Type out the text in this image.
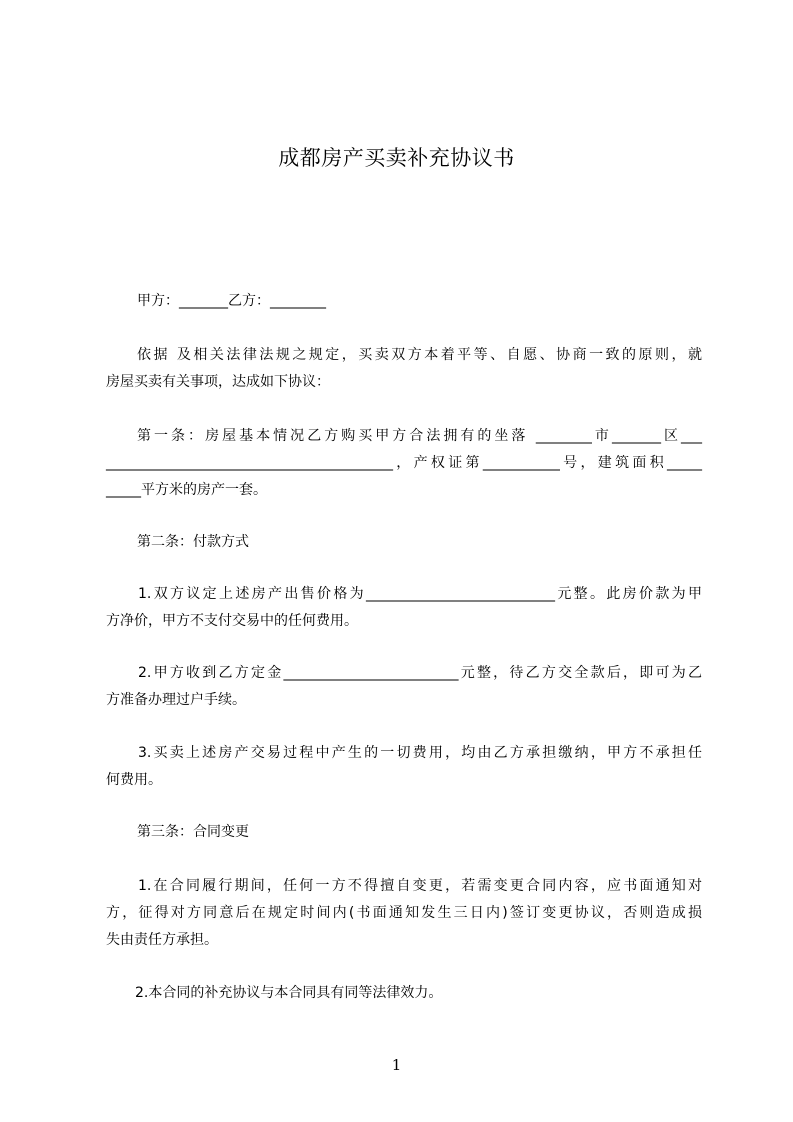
成都房产买卖补充协议书
甲方：_______乙方：________
依据 及相关法律法规之规定，买卖双方本着平等、自愿、协商一致的原则，就
房屋买卖有关事项，达成如下协议：
第一条：房屋基本情况乙方购买甲方合法拥有的坐落 ________市_______区___
_________________________________________，产权证第___________号，建筑面积_____
_____平方米的房产一套。
第二条：付款方式
1.双方议定上述房产出售价格为___________________________元整。此房价款为甲
方净价，甲方不支付交易中的任何费用。
2.甲方收到乙方定金_________________________元整，待乙方交全款后，即可为乙
方准备办理过户手续。
3.买卖上述房产交易过程中产生的一切费用，均由乙方承担缴纳，甲方不承担任
何费用。
第三条：合同变更
1.在合同履行期间，任何一方不得擅自变更，若需变更合同内容，应书面通知对
方，征得对方同意后在规定时间内(书面通知发生三日内)签订变更协议，否则造成损
失由责任方承担。
2.本合同的补充协议与本合同具有同等法律效力。
1
